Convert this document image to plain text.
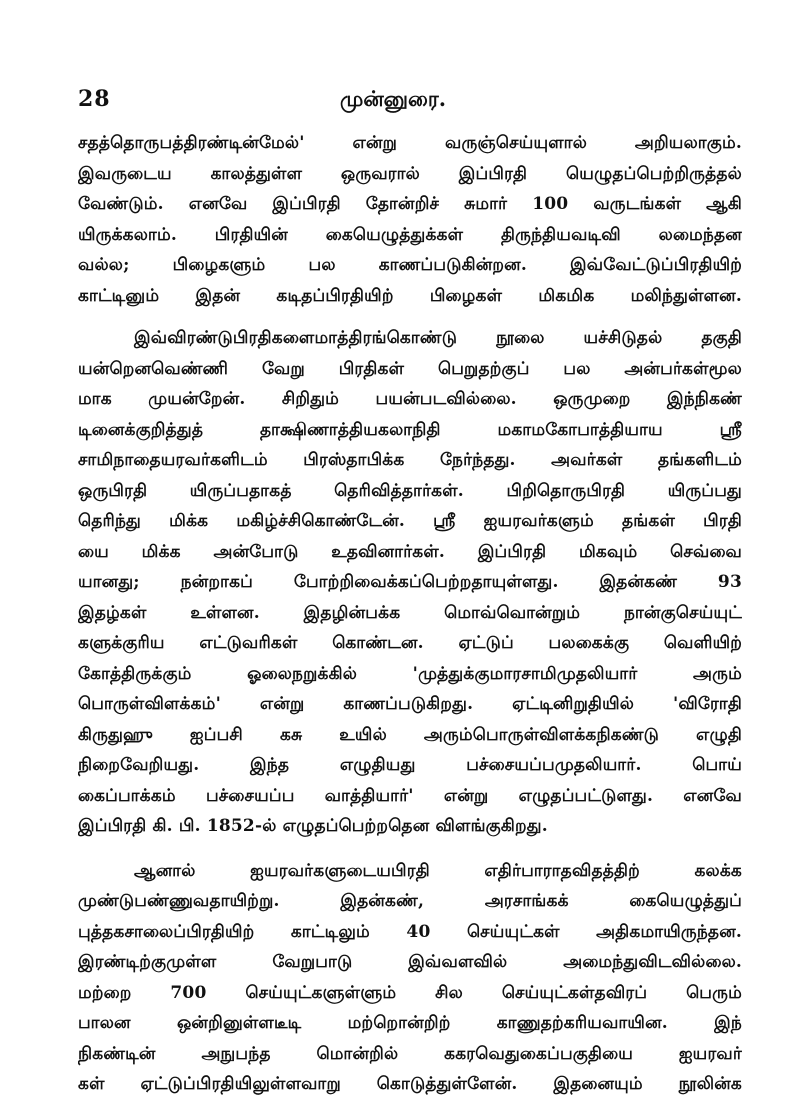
28	முன்னுரை.
சதத்தொருபத்திரண்டின்மேல்' என்று வருஞ்செய்யுளால் அறியலாகும்.
இவருடைய காலத்துள்ள ஒருவரால் இப்பிரதி யெழுதப்பெற்றிருத்தல்
வேண்டும். எனவே இப்பிரதி தோன்றிச் சுமார் 100 வருடங்கள் ஆகி
யிருக்கலாம். பிரதியின் கையெழுத்துக்கள் திருந்தியவடிவி லமைந்தன
வல்ல; பிழைகளும் பல காணப்படுகின்றன. இவ்வேட்டுப்பிரதியிற்
காட்டினும் இதன் கடிதப்பிரதியிற் பிழைகள் மிகமிக மலிந்துள்ளன.
இவ்விரண்டுபிரதிகளைமாத்திரங்கொண்டு நூலை யச்சிடுதல் தகுதி
யன்றெனவெண்ணி வேறு பிரதிகள் பெறுதற்குப் பல அன்பர்கள்மூல
மாக முயன்றேன். சிறிதும் பயன்படவில்லை. ஒருமுறை இந்நிகண்
டினைக்குறித்துத் தாக்ஷிணாத்தியகலாநிதி மகாமகோபாத்தியாய ஸ்ரீ
சாமிநாதையரவர்களிடம் பிரஸ்தாபிக்க நேர்ந்தது. அவர்கள் தங்களிடம்
ஒருபிரதி யிருப்பதாகத் தெரிவித்தார்கள். பிறிதொருபிரதி யிருப்பது
தெரிந்து மிக்க மகிழ்ச்சிகொண்டேன். ஸ்ரீ ஐயரவர்களும் தங்கள் பிரதி
யை மிக்க அன்போடு உதவினார்கள். இப்பிரதி மிகவும் செவ்வை
யானது; நன்றாகப் போற்றிவைக்கப்பெற்றதாயுள்ளது. இதன்கண் 93
இதழ்கள் உள்ளன. இதழின்பக்க மொவ்வொன்றும் நான்குசெய்யுட்
களுக்குரிய எட்டுவரிகள் கொண்டன. ஏட்டுப் பலகைக்கு வெளியிற்
கோத்திருக்கும் ஓலைநறுக்கில் 'முத்துக்குமாரசாமிமுதலியார் அரும்
பொருள்விளக்கம்' என்று காணப்படுகிறது. ஏட்டினிறுதியில் 'விரோதி
கிருதுஹு ஐப்பசி கசு உயில் அரும்பொருள்விளக்கநிகண்டு எழுதி
நிறைவேறியது. இந்த எழுதியது பச்சையப்பமுதலியார். பொய்
கைப்பாக்கம் பச்சையப்ப வாத்தியார்' என்று எழுதப்பட்டுளது. எனவே
இப்பிரதி கி. பி. 1852-ல் எழுதப்பெற்றதென விளங்குகிறது.
ஆனால் ஐயரவர்களுடையபிரதி எதிர்பாராதவிதத்திற் கலக்க
முண்டுபண்ணுவதாயிற்று. இதன்கண், அரசாங்கக் கையெழுத்துப்
புத்தகசாலைப்பிரதியிற் காட்டிலும் 40 செய்யுட்கள் அதிகமாயிருந்தன.
இரண்டிற்குமுள்ள வேறுபாடு இவ்வளவில் அமைந்துவிடவில்லை.
மற்றை 700 செய்யுட்களுள்ளும் சில செய்யுட்கள்தவிரப் பெரும்
பாலன ஒன்றினுள்ளடீடி மற்றொன்றிற் காணுதற்கரியவாயின. இந்
நிகண்டின் அநுபந்த மொன்றில் ககரவெதுகைப்பகுதியை ஐயரவர்
கள் ஏட்டுப்பிரதியிலுள்ளவாறு கொடுத்துள்ளேன். இதனையும் நூலின்க
